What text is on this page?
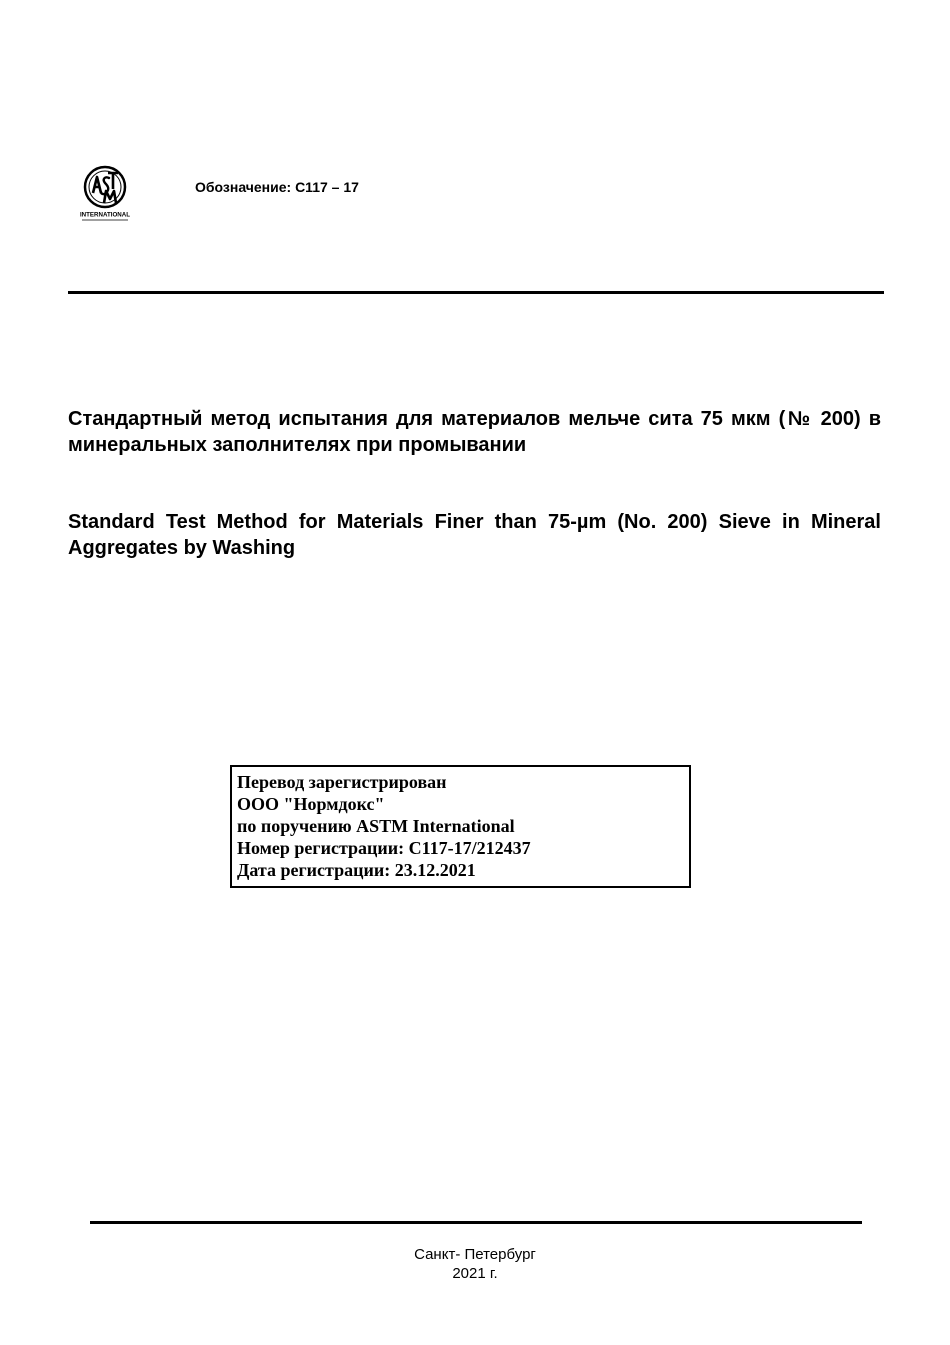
INTERNATIONAL
Обозначение: C117 – 17
Стандартный метод испытания для материалов мельче сита 75 мкм (№ 200) в минеральных заполнителях при промывании
Standard Test Method for Materials Finer than 75-µm (No. 200) Sieve in Mineral Aggregates by Washing
Перевод зарегистрирован
ООО "Нормдокс"
по поручению ASTM International
Номер регистрации: C117-17/212437
Дата регистрации: 23.12.2021
Санкт- Петербург
2021 г.
